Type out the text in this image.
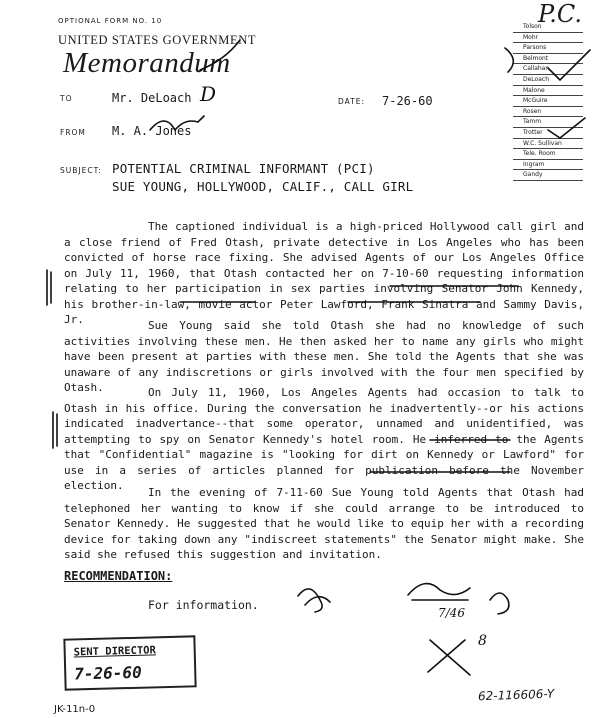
OPTIONAL FORM NO. 10
UNITED STATES GOVERNMENT
Memorandum
P.C.
Tolson
Mohr
Parsons
Belmont
Callahan
DeLoach
Malone
McGuire
Rosen
Tamm
Trotter
W.C. Sullivan
Tele. Room
Ingram
Gandy
TO	Mr. DeLoach D	DATE: 7-26-60
FROM M. A. Jones
SUBJECT: POTENTIAL CRIMINAL INFORMANT (PCI)
SUE YOUNG, HOLLYWOOD, CALIF., CALL GIRL

The captioned individual is a high-priced Hollywood call girl and a close friend of Fred Otash, private detective in Los Angeles who has been convicted of horse race fixing. She advised Agents of our Los Angeles Office on July 11, 1960, that Otash contacted her on 7-10-60 requesting information relating to her participation in sex parties involving Senator John Kennedy, his brother-in-law, movie actor Peter Lawford, Frank Sinatra and Sammy Davis, Jr.	Sue Young said she told Otash she had no knowledge of such activities involving these men. He then asked her to name any girls who might have been present at parties with these men. She told the Agents that she was unaware of any indiscretions or girls involved with the four men specified by Otash.	On July 11, 1960, Los Angeles Agents had occasion to talk to Otash in his office. During the conversation he inadvertently--or his actions indicated inadvertance--that some operator, unnamed and unidentified, was attempting to spy on Senator Kennedy's hotel room. He inferred to the Agents that "Confidential" magazine is "looking for dirt on Kennedy or Lawford" for use in a series of articles planned for publication before the November election.

In the evening of 7-11-60 Sue Young told Agents that Otash had telephoned her wanting to know if she could arrange to be introduced to Senator Kennedy. He suggested that he would like to equip her with a recording device for taking down any "indiscreet statements" the Senator might make. She said she refused this suggestion and invitation.

RECOMMENDATION:
For information.
SENT DIRECTOR
7-26-60
7/46
8
62-116606-Y
JK-11n-0
